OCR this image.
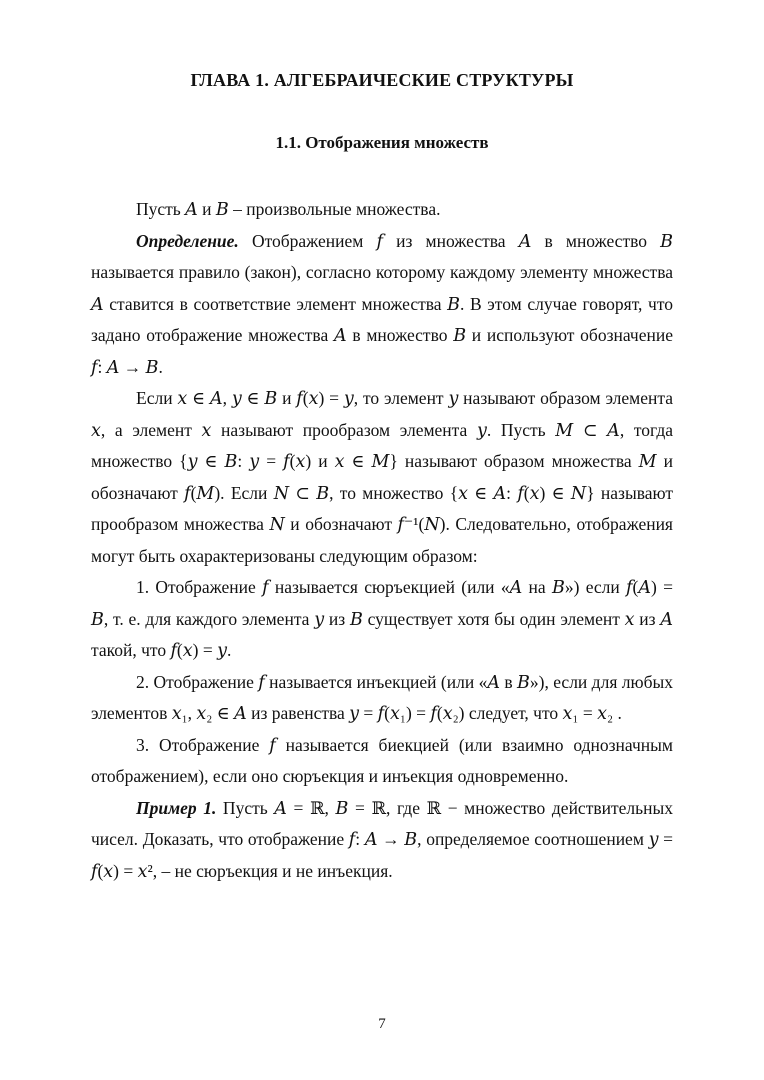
ГЛАВА 1. АЛГЕБРАИЧЕСКИЕ СТРУКТУРЫ
1.1. Отображения множеств

Пусть 𝐴 и 𝐵 – произвольные множества.

Определение. Отображением 𝑓 из множества 𝐴 в множество 𝐵 называется правило (закон), согласно которому каждому элементу множества 𝐴 ставится в соответствие элемент множества 𝐵. В этом случае говорят, что задано отображение множества 𝐴 в множество 𝐵 и используют обозначение 𝑓: 𝐴 → 𝐵.

Если 𝑥 ∈ 𝐴, 𝑦 ∈ 𝐵 и 𝑓(𝑥) = 𝑦, то элемент 𝑦 называют образом элемента 𝑥, а элемент 𝑥 называют прообразом элемента 𝑦. Пусть 𝑀 ⊂ 𝐴, тогда множество {𝑦 ∈ 𝐵: 𝑦 = 𝑓(𝑥) и 𝑥 ∈ 𝑀} называют образом множества 𝑀 и обозначают 𝑓(𝑀). Если 𝑁 ⊂ 𝐵, то множество {𝑥 ∈ 𝐴: 𝑓(𝑥) ∈ 𝑁} называют прообразом множества 𝑁 и обозначают 𝑓⁻¹(𝑁). Следовательно, отображения могут быть охарактеризованы следующим образом:

1. Отображение 𝑓 называется сюръекцией (или «𝐴 на 𝐵») если 𝑓(𝐴) = 𝐵, т. е. для каждого элемента 𝑦 из 𝐵 существует хотя бы один элемент 𝑥 из 𝐴 такой, что 𝑓(𝑥) = 𝑦.

2. Отображение 𝑓 называется инъекцией (или «𝐴 в 𝐵»), если для любых элементов 𝑥₁, 𝑥₂ ∈ 𝐴 из равенства 𝑦 = 𝑓(𝑥₁) = 𝑓(𝑥₂) следует, что 𝑥₁ = 𝑥₂ .

3. Отображение 𝑓 называется биекцией (или взаимно однозначным отображением), если оно сюръекция и инъекция одновременно.

Пример 1. Пусть 𝐴 = ℝ, 𝐵 = ℝ, где ℝ − множество действительных чисел. Доказать, что отображение 𝑓: 𝐴 → 𝐵, определяемое соотношением 𝑦 = 𝑓(𝑥) = 𝑥², – не сюръекция и не инъекция.

7
